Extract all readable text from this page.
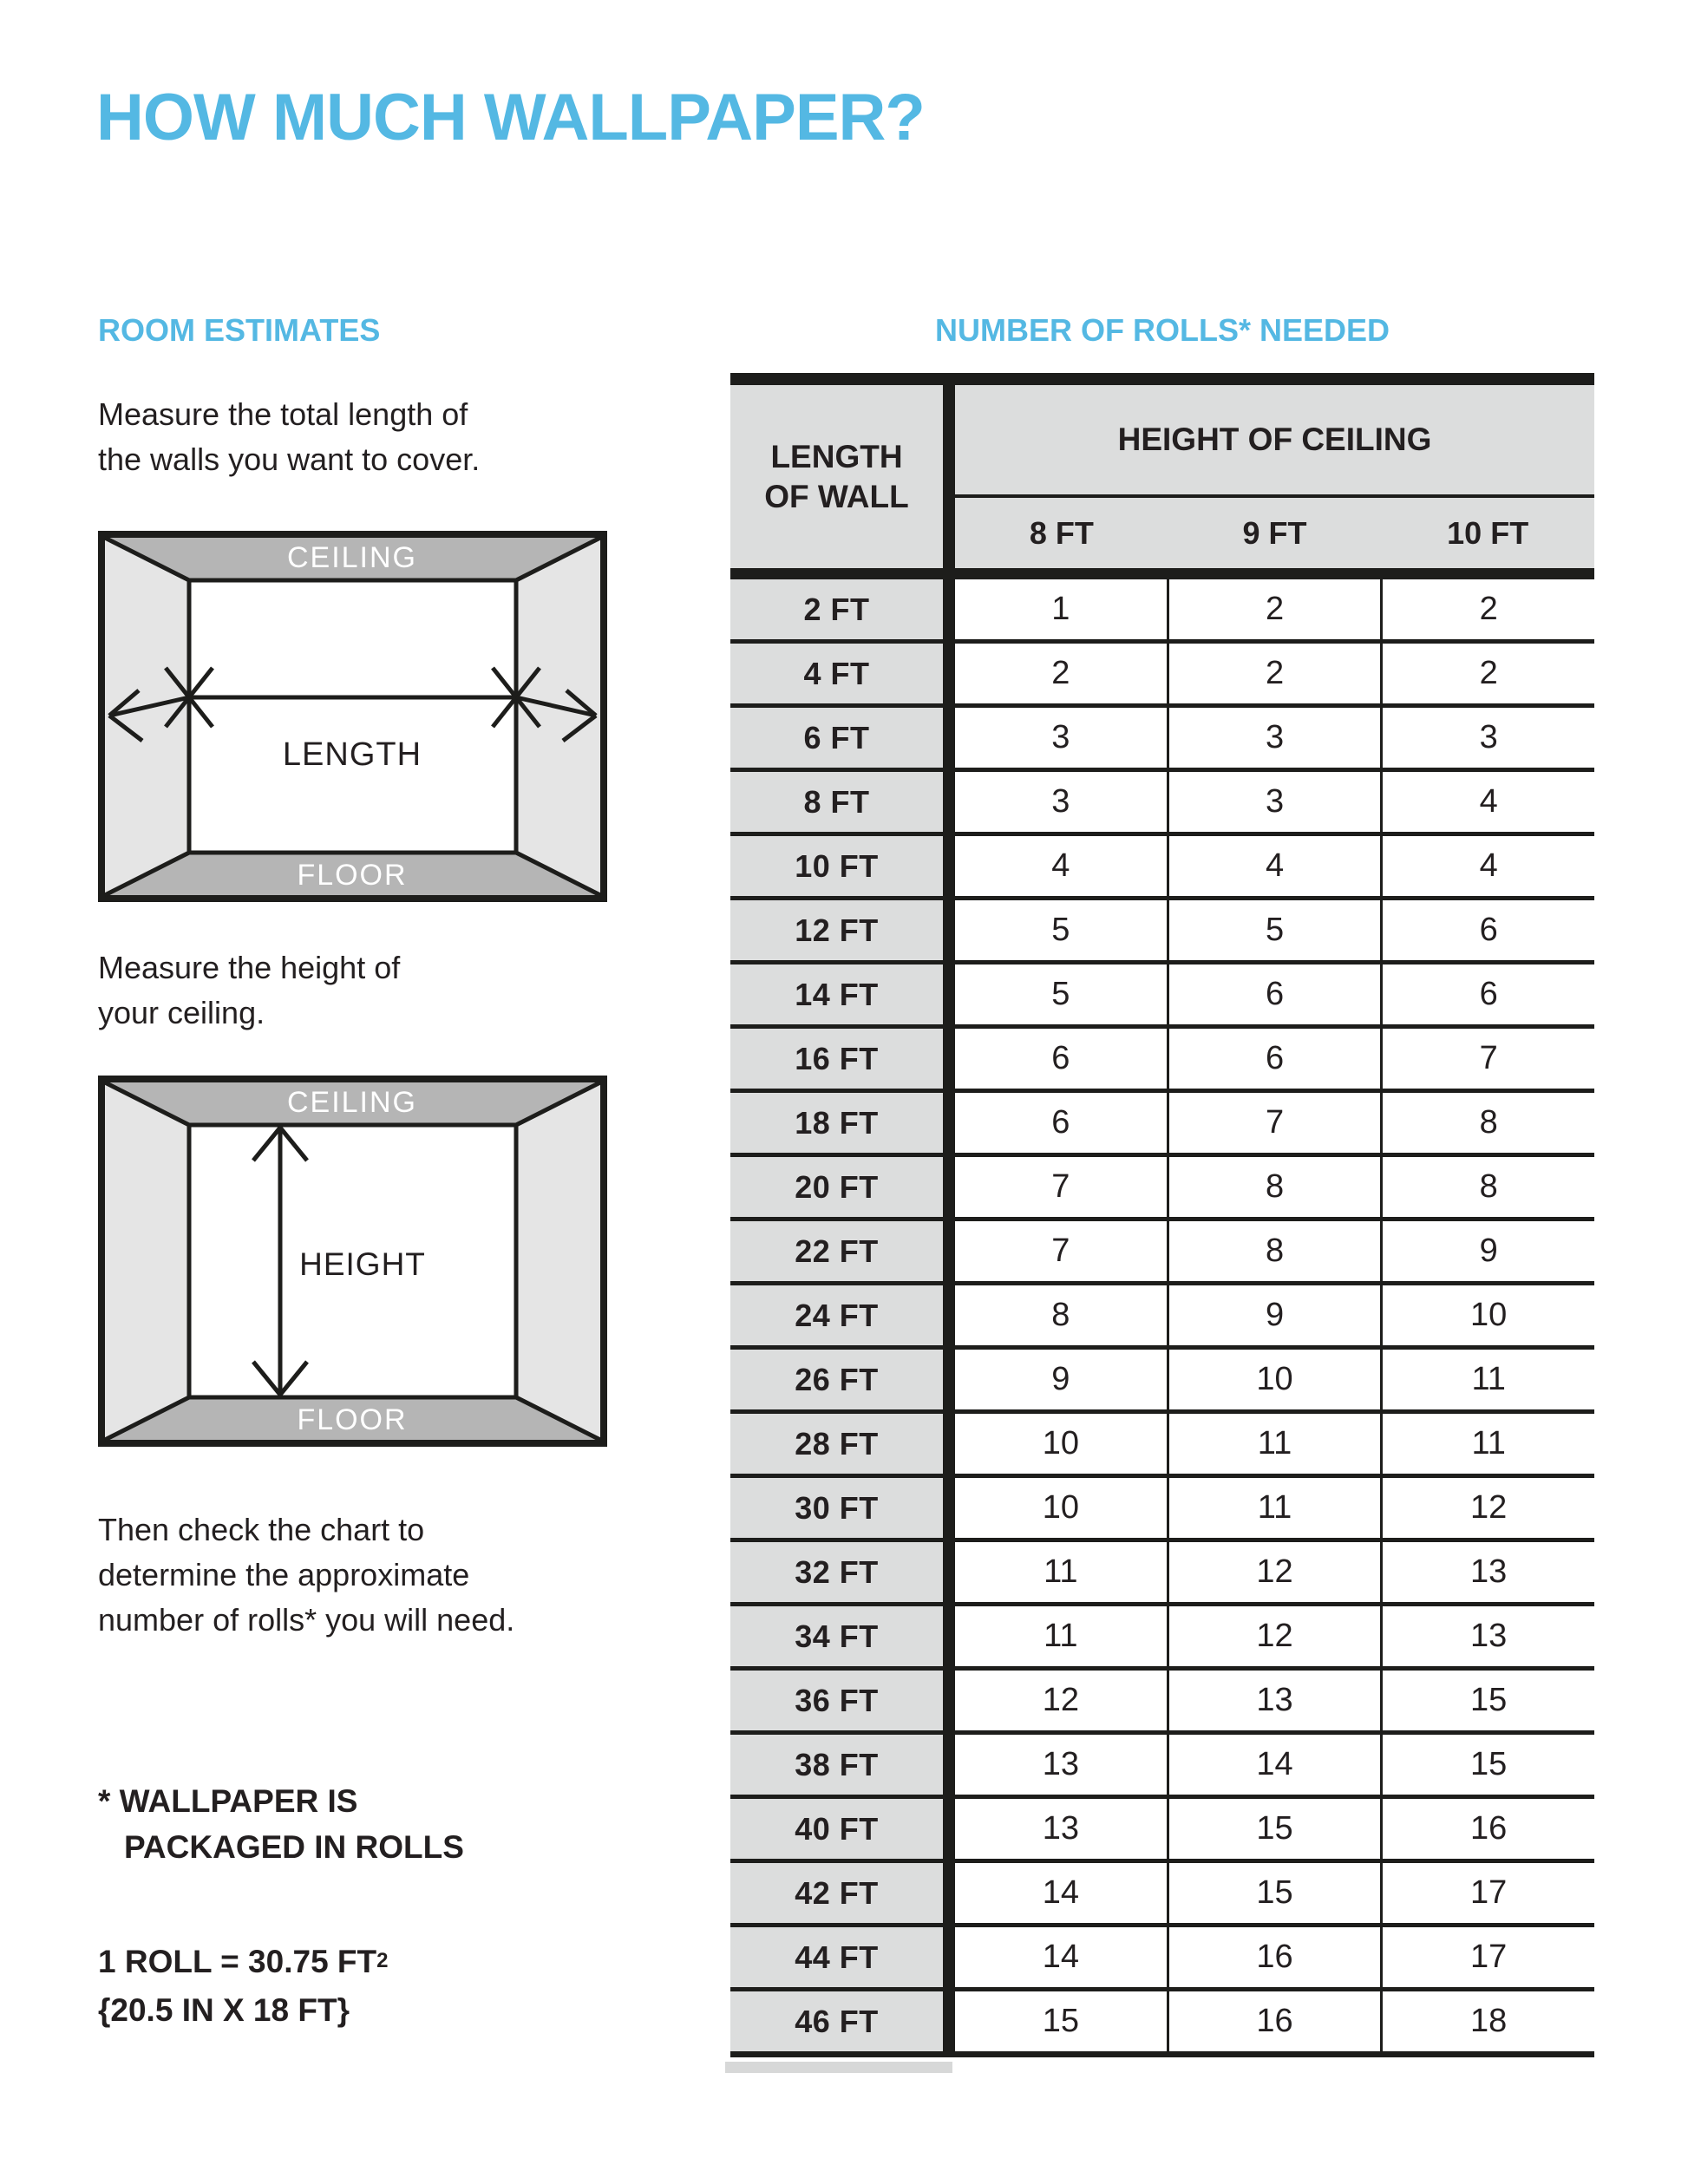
HOW MUCH WALLPAPER?
ROOM ESTIMATES	NUMBER OF ROLLS* NEEDED
Measure the total length of
the walls you want to cover.
CEILING
FLOOR
LENGTH
Measure the height of
your ceiling.
CEILING
FLOOR
HEIGHT
Then check the chart to
determine the approximate
number of rolls* you will need.
* WALLPAPER IS
PACKAGED IN ROLLS
1 ROLL = 30.75 $FT^2$
{20.5 IN X 18 FT}
LENGTH
OF WALL
HEIGHT OF CEILING
8 FT	9 FT	10 FT
2 FT	1	2	2
4 FT	2	2	2
6 FT	3	3	3
8 FT	3	3	4
10 FT	4	4	4
12 FT	5	5	6
14 FT	5	6	6
16 FT	6	6	7
18 FT	6	7	8
20 FT	7	8	8
22 FT	7	8	9
24 FT	8	9	10
26 FT	9	10	11
28 FT	10	11	11
30 FT	10	11	12
32 FT	11	12	13
34 FT	11	12	13
36 FT	12	13	15
38 FT	13	14	15
40 FT	13	15	16
42 FT	14	15	17
44 FT	14	16	17
46 FT	15	16	18
